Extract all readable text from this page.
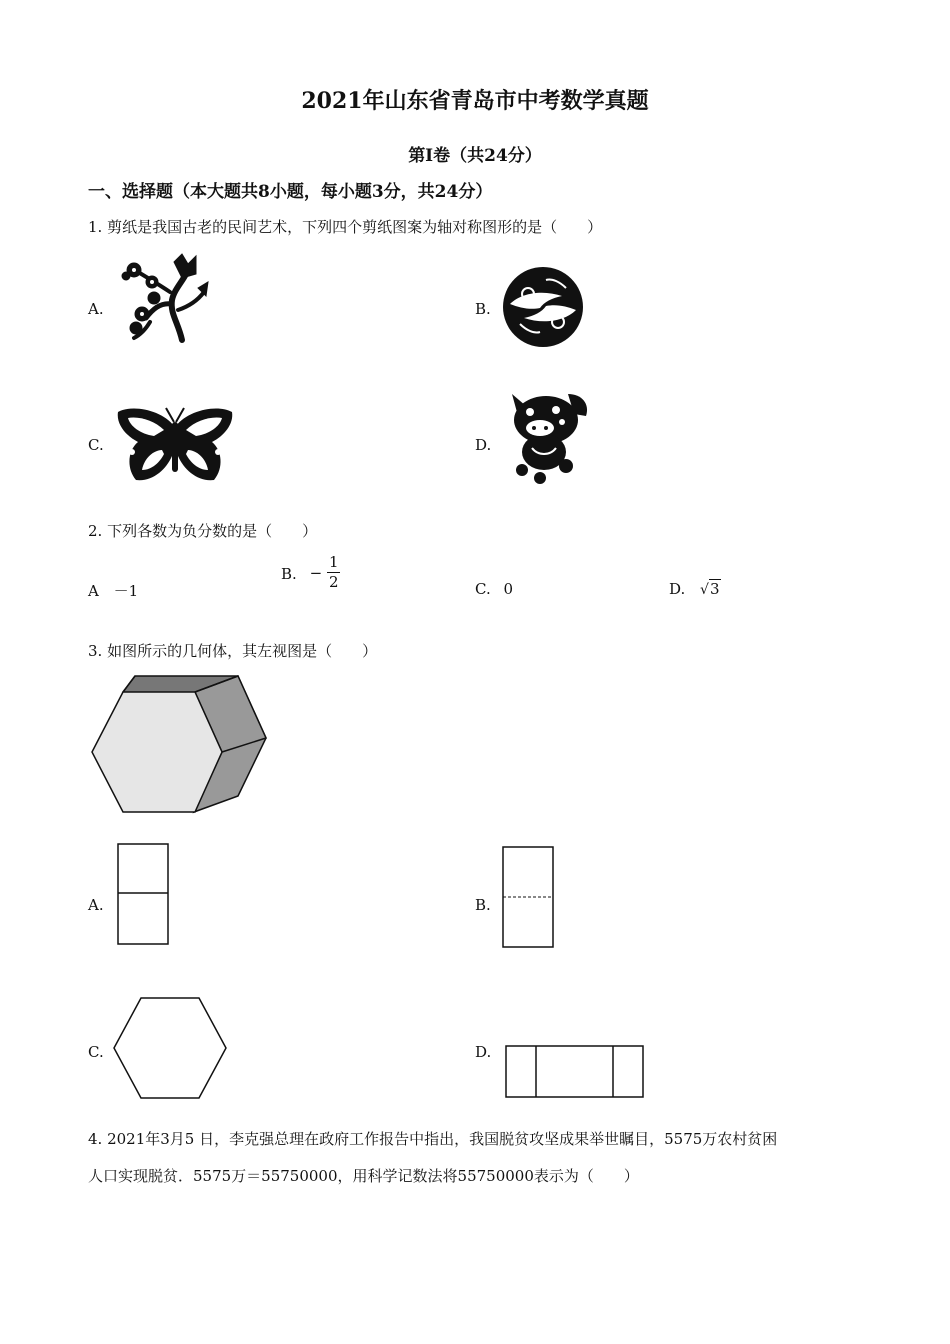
2021年山东省青岛市中考数学真题
第Ⅰ卷（共24分）
一、选择题（本大题共8小题，每小题3分，共24分）
1. 剪纸是我国古老的民间艺术，下列四个剪纸图案为轴对称图形的是（　　）
A.	B.
C.	D.
2. 下列各数为负分数的是（　　）
A －1
B. − $\frac{1}{2}$	C. 0	D. √3
3. 如图所示的几何体，其左视图是（　　）
A.	B.
C.	D.
4. 2021年3月5 日，李克强总理在政府工作报告中指出，我国脱贫攻坚成果举世瞩目，5575万农村贫困
人口实现脱贫．5575万＝55750000，用科学记数法将55750000表示为（　　）
